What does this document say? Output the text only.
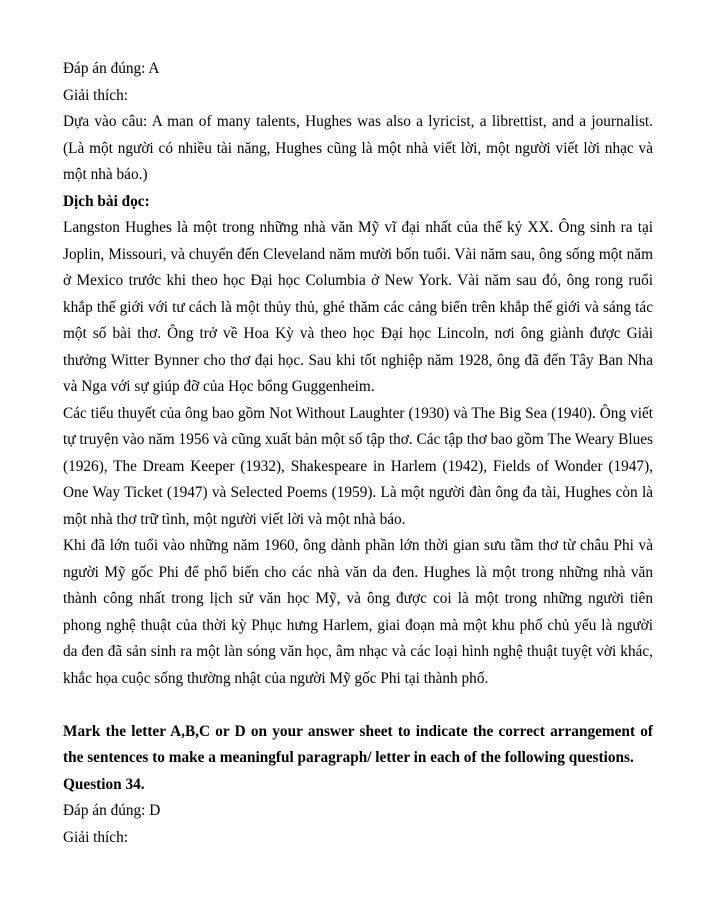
Đáp án đúng: A

Giải thích:

Dựa vào câu: A man of many talents, Hughes was also a lyricist, a librettist, and a journalist. (Là một người có nhiều tài năng, Hughes cũng là một nhà viết lời, một người viết lời nhạc và một nhà báo.)

Dịch bài đọc:

Langston Hughes là một trong những nhà văn Mỹ vĩ đại nhất của thế kỷ XX. Ông sinh ra tại Joplin, Missouri, và chuyển đến Cleveland năm mười bốn tuổi. Vài năm sau, ông sống một năm ở Mexico trước khi theo học Đại học Columbia ở New York. Vài năm sau đó, ông rong ruổi khắp thế giới với tư cách là một thủy thủ, ghé thăm các cảng biển trên khắp thế giới và sáng tác một số bài thơ. Ông trở về Hoa Kỳ và theo học Đại học Lincoln, nơi ông giành được Giải thưởng Witter Bynner cho thơ đại học. Sau khi tốt nghiệp năm 1928, ông đã đến Tây Ban Nha và Nga với sự giúp đỡ của Học bổng Guggenheim.

Các tiểu thuyết của ông bao gồm Not Without Laughter (1930) và The Big Sea (1940). Ông viết tự truyện vào năm 1956 và cũng xuất bản một số tập thơ. Các tập thơ bao gồm The Weary Blues (1926), The Dream Keeper (1932), Shakespeare in Harlem (1942), Fields of Wonder (1947), One Way Ticket (1947) và Selected Poems (1959). Là một người đàn ông đa tài, Hughes còn là một nhà thơ trữ tình, một người viết lời và một nhà báo.

Khi đã lớn tuổi vào những năm 1960, ông dành phần lớn thời gian sưu tầm thơ từ châu Phi và người Mỹ gốc Phi để phổ biến cho các nhà văn da đen. Hughes là một trong những nhà văn thành công nhất trong lịch sử văn học Mỹ, và ông được coi là một trong những người tiên phong nghệ thuật của thời kỳ Phục hưng Harlem, giai đoạn mà một khu phố chủ yếu là người da đen đã sản sinh ra một làn sóng văn học, âm nhạc và các loại hình nghệ thuật tuyệt vời khác, khắc họa cuộc sống thường nhật của người Mỹ gốc Phi tại thành phố.

Mark the letter A,B,C or D on your answer sheet to indicate the correct arrangement of the sentences to make a meaningful paragraph/ letter in each of the following questions.

Question 34.

Đáp án đúng: D

Giải thích:
